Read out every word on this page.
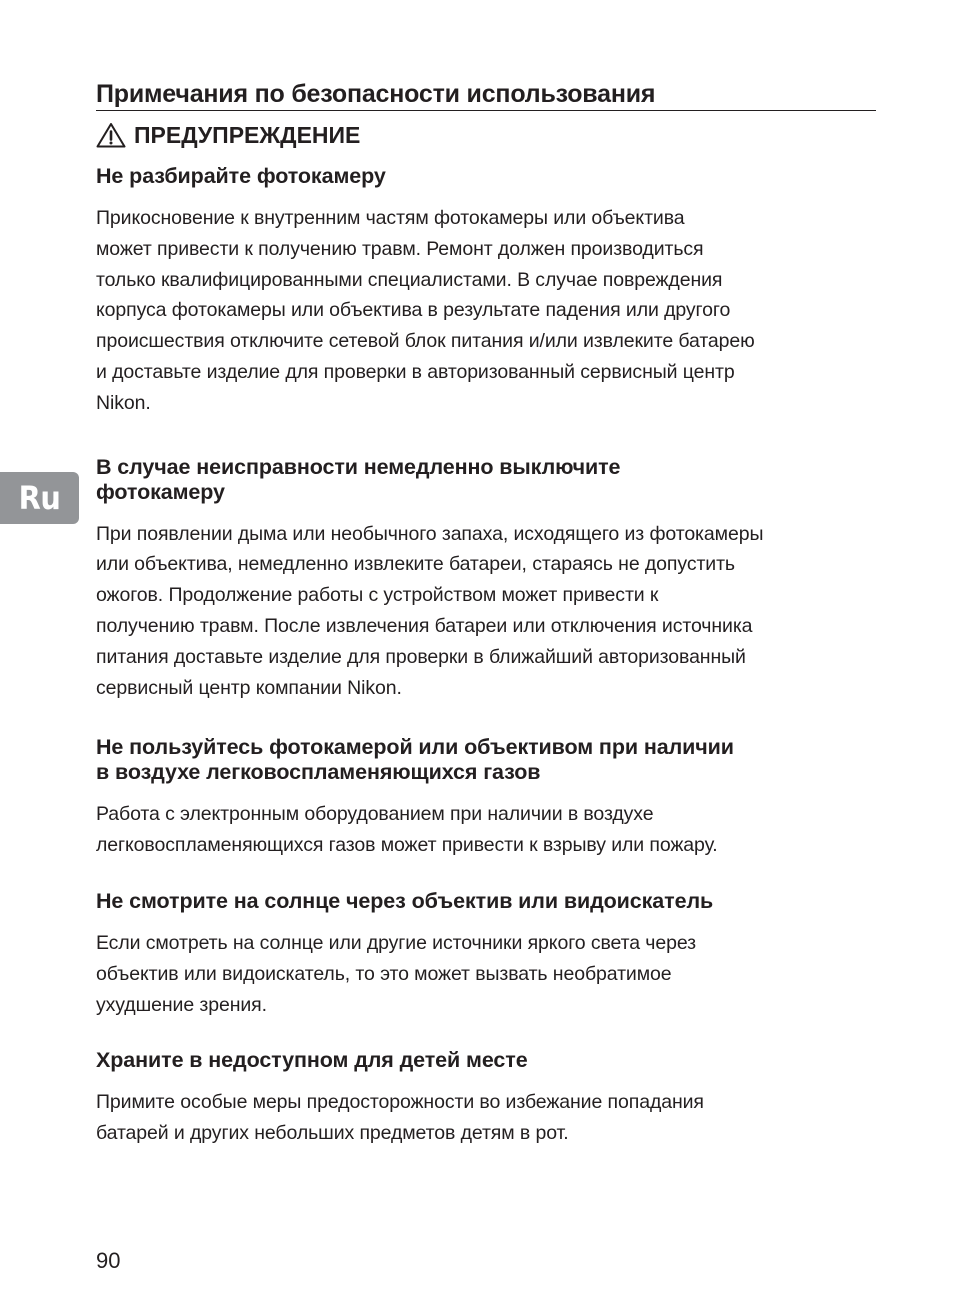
Примечания по безопасности использования
ПРЕДУПРЕЖДЕНИЕ
Не разбирайте фотокамеру

Прикосновение к внутренним частям фотокамеры или объектива
может привести к получению травм. Ремонт должен производиться
только квалифицированными специалистами. В случае повреждения
корпуса фотокамеры или объектива в результате падения или другого
происшествия отключите сетевой блок питания и/или извлеките батарею
и доставьте изделие для проверки в авторизованный сервисный центр
Nikon.

В случае неисправности немедленно выключите
фотокамеру

При появлении дыма или необычного запаха, исходящего из фотокамеры
или объектива, немедленно извлеките батареи, стараясь не допустить
ожогов. Продолжение работы с устройством может привести к
получению травм. После извлечения батареи или отключения источника
питания доставьте изделие для проверки в ближайший авторизованный
сервисный центр компании Nikon.

Не пользуйтесь фотокамерой или объективом при наличии
в воздухе легковоспламеняющихся газов

Работа с электронным оборудованием при наличии в воздухе
легковоспламеняющихся газов может привести к взрыву или пожару.

Не смотрите на солнце через объектив или видоискатель

Если смотреть на солнце или другие источники яркого света через
объектив или видоискатель, то это может вызвать необратимое
ухудшение зрения.

Храните в недоступном для детей месте

Примите особые меры предосторожности во избежание попадания
батарей и других небольших предметов детям в рот.

Ru
90
